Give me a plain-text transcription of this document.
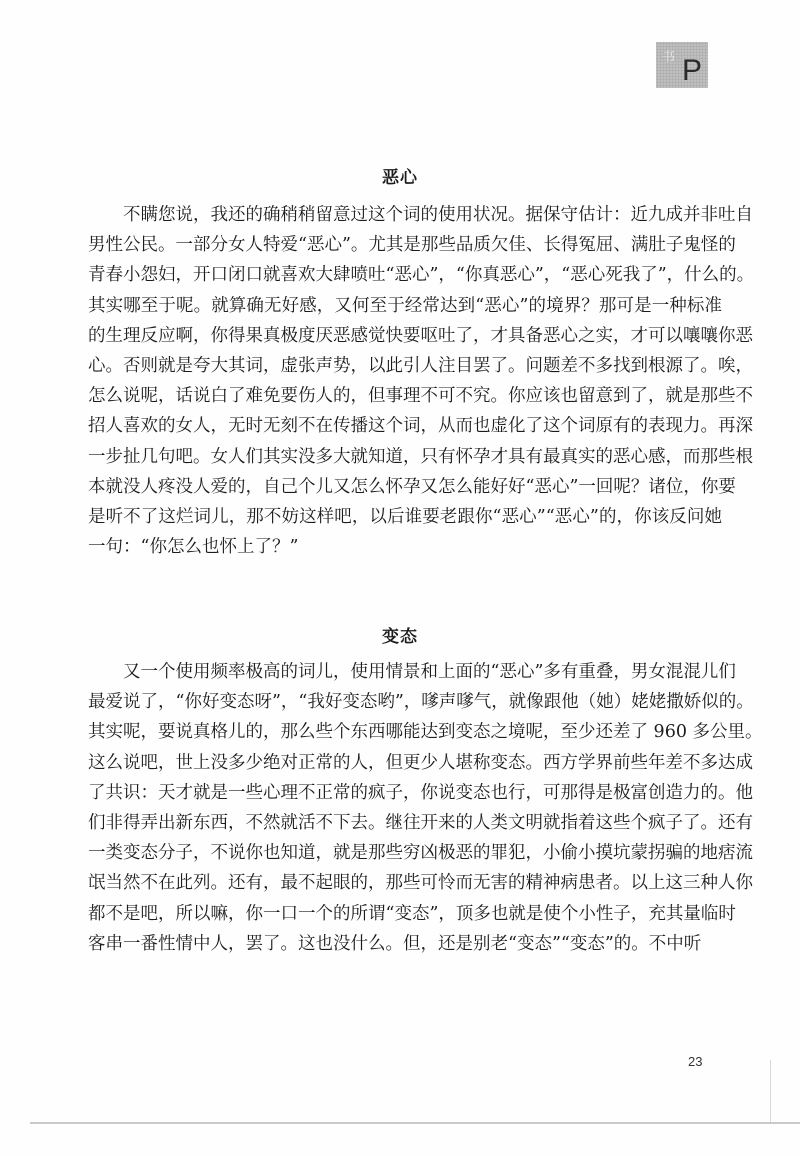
书 P
恶心
不瞒您说，我还的确稍稍留意过这个词的使用状况。据保守估计：近九成并非吐自
男性公民。一部分女人特爱“恶心”。尤其是那些品质欠佳、长得冤屈、满肚子鬼怪的
青春小怨妇，开口闭口就喜欢大肆喷吐“恶心”，“你真恶心”，“恶心死我了”，什么的。
其实哪至于呢。就算确无好感，又何至于经常达到“恶心”的境界？那可是一种标准
的生理反应啊，你得果真极度厌恶感觉快要呕吐了，才具备恶心之实，才可以嚷嚷你恶
心。否则就是夸大其词，虚张声势，以此引人注目罢了。问题差不多找到根源了。唉，
怎么说呢，话说白了难免要伤人的，但事理不可不究。你应该也留意到了，就是那些不
招人喜欢的女人，无时无刻不在传播这个词，从而也虚化了这个词原有的表现力。再深
一步扯几句吧。女人们其实没多大就知道，只有怀孕才具有最真实的恶心感，而那些根
本就没人疼没人爱的，自己个儿又怎么怀孕又怎么能好好“恶心”一回呢？诸位，你要
是听不了这烂词儿，那不妨这样吧，以后谁要老跟你“恶心”“恶心”的，你该反问她
一句：“你怎么也怀上了？”
变态
又一个使用频率极高的词儿，使用情景和上面的“恶心”多有重叠，男女混混儿们
最爱说了，“你好变态呀”，“我好变态哟”，嗲声嗲气，就像跟他（她）姥姥撒娇似的。
其实呢，要说真格儿的，那么些个东西哪能达到变态之境呢，至少还差了 960 多公里。
这么说吧，世上没多少绝对正常的人，但更少人堪称变态。西方学界前些年差不多达成
了共识：天才就是一些心理不正常的疯子，你说变态也行，可那得是极富创造力的。他
们非得弄出新东西，不然就活不下去。继往开来的人类文明就指着这些个疯子了。还有
一类变态分子，不说你也知道，就是那些穷凶极恶的罪犯，小偷小摸坑蒙拐骗的地痞流
氓当然不在此列。还有，最不起眼的，那些可怜而无害的精神病患者。以上这三种人你
都不是吧，所以嘛，你一口一个的所谓“变态”，顶多也就是使个小性子，充其量临时
客串一番性情中人，罢了。这也没什么。但，还是别老“变态”“变态”的。不中听
23
